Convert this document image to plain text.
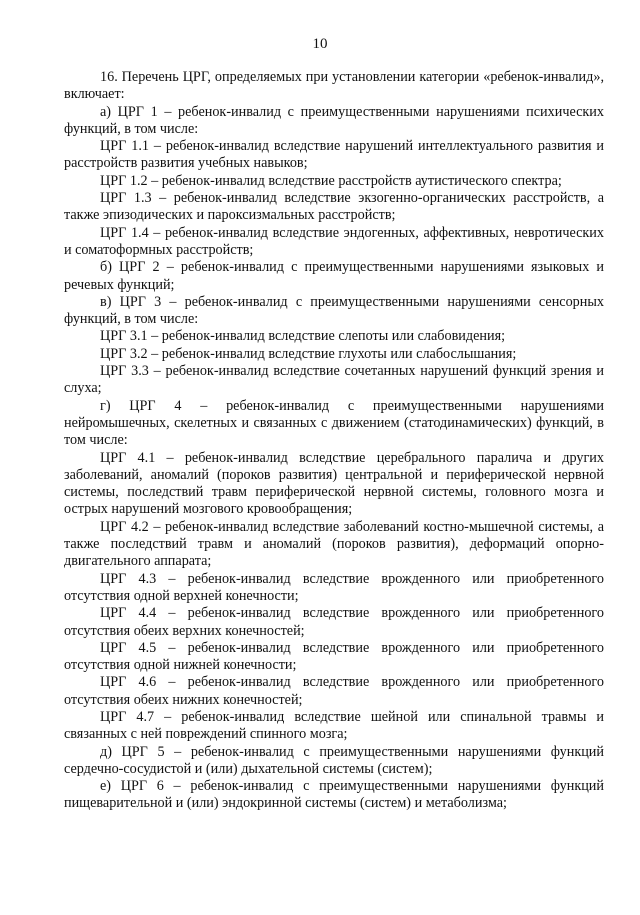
10

16. Перечень ЦРГ, определяемых при установлении категории «ребенок-инвалид», включает:

а) ЦРГ 1 – ребенок-инвалид с преимущественными нарушениями психических функций, в том числе:

ЦРГ 1.1 – ребенок-инвалид вследствие нарушений интеллектуального развития и расстройств развития учебных навыков;

ЦРГ 1.2 – ребенок-инвалид вследствие расстройств аутистического спектра;

ЦРГ 1.3 – ребенок-инвалид вследствие экзогенно-органических расстройств, а также эпизодических и пароксизмальных расстройств;

ЦРГ 1.4 – ребенок-инвалид вследствие эндогенных, аффективных, невротических и соматоформных расстройств;

б) ЦРГ 2 – ребенок-инвалид с преимущественными нарушениями языковых и речевых функций;

в) ЦРГ 3 – ребенок-инвалид с преимущественными нарушениями сенсорных функций, в том числе:

ЦРГ 3.1 – ребенок-инвалид вследствие слепоты или слабовидения;

ЦРГ 3.2 – ребенок-инвалид вследствие глухоты или слабослышания;

ЦРГ 3.3 – ребенок-инвалид вследствие сочетанных нарушений функций зрения и слуха;

г) ЦРГ 4 – ребенок-инвалид с преимущественными нарушениями нейромышечных, скелетных и связанных с движением (статодинамических) функций, в том числе:

ЦРГ 4.1 – ребенок-инвалид вследствие церебрального паралича и других заболеваний, аномалий (пороков развития) центральной и периферической нервной системы, последствий травм периферической нервной системы, головного мозга и острых нарушений мозгового кровообращения;

ЦРГ 4.2 – ребенок-инвалид вследствие заболеваний костно-мышечной системы, а также последствий травм и аномалий (пороков развития), деформаций опорно-двигательного аппарата;

ЦРГ 4.3 – ребенок-инвалид вследствие врожденного или приобретенного отсутствия одной верхней конечности;

ЦРГ 4.4 – ребенок-инвалид вследствие врожденного или приобретенного отсутствия обеих верхних конечностей;

ЦРГ 4.5 – ребенок-инвалид вследствие врожденного или приобретенного отсутствия одной нижней конечности;

ЦРГ 4.6 – ребенок-инвалид вследствие врожденного или приобретенного отсутствия обеих нижних конечностей;

ЦРГ 4.7 – ребенок-инвалид вследствие шейной или спинальной травмы и связанных с ней повреждений спинного мозга;

д) ЦРГ 5 – ребенок-инвалид с преимущественными нарушениями функций сердечно-сосудистой и (или) дыхательной системы (систем);

е) ЦРГ 6 – ребенок-инвалид с преимущественными нарушениями функций пищеварительной и (или) эндокринной системы (систем) и метаболизма;
